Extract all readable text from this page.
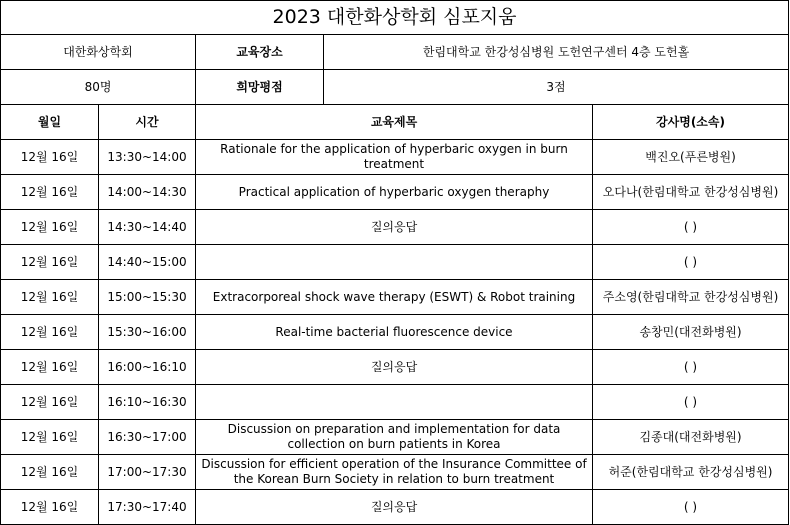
2023 대한화상학회 심포지움				
대한화상학회		교육장소	한림대학교 한강성심병원 도헌연구센터 4층 도헌홀	
80명		희망평점	3점	
월일	시간	교육제목		강사명(소속)
12월 16일	13:30~14:00	Rationale for the application of hyperbaric oxygen in burn treatment		백진오(푸른병원)
12월 16일	14:00~14:30	Practical application of hyperbaric oxygen theraphy		오다나(한림대학교 한강성심병원)
12월 16일	14:30~14:40	질의응답		( )
12월 16일	14:40~15:00			( )
12월 16일	15:00~15:30	Extracorporeal shock wave therapy (ESWT) & Robot training		주소영(한림대학교 한강성심병원)
12월 16일	15:30~16:00	Real-time bacterial fluorescence device		송창민(대전화병원)
12월 16일	16:00~16:10	질의응답		( )
12월 16일	16:10~16:30			( )
12월 16일	16:30~17:00	Discussion on preparation and implementation for data collection on burn patients in Korea		김종대(대전화병원)
12월 16일	17:00~17:30	Discussion for efficient operation of the Insurance Committee of the Korean Burn Society in relation to burn treatment		허준(한림대학교 한강성심병원)
12월 16일	17:30~17:40	질의응답		( )
